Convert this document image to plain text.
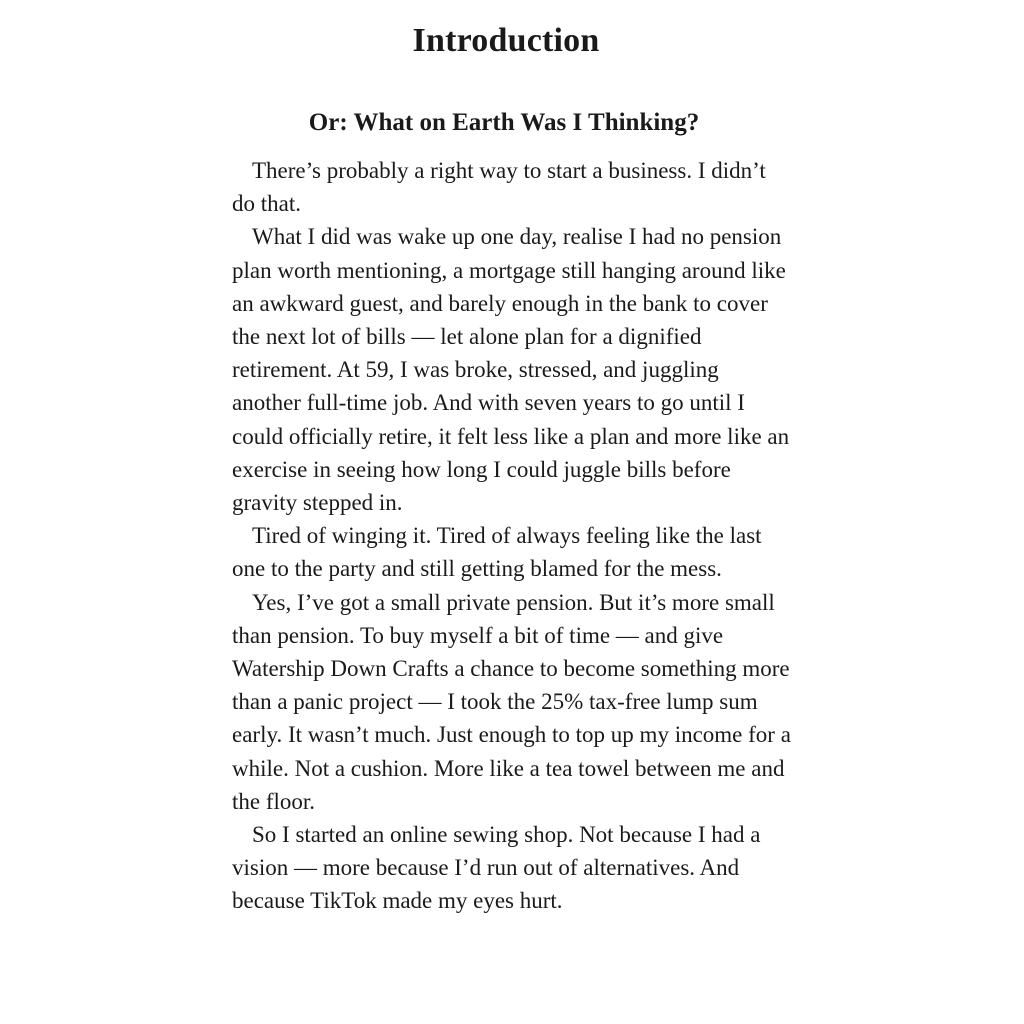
Introduction
Or: What on Earth Was I Thinking?

There’s probably a right way to start a business. I didn’t do that.

What I did was wake up one day, realise I had no pension plan worth mentioning, a mortgage still hanging around like an awkward guest, and barely enough in the bank to cover the next lot of bills — let alone plan for a dignified retirement. At 59, I was broke, stressed, and juggling another full-time job. And with seven years to go until I could officially retire, it felt less like a plan and more like an exercise in seeing how long I could juggle bills before gravity stepped in.

Tired of winging it. Tired of always feeling like the last one to the party and still getting blamed for the mess.

Yes, I’ve got a small private pension. But it’s more small than pension. To buy myself a bit of time — and give Watership Down Crafts a chance to become something more than a panic project — I took the 25% tax-free lump sum early. It wasn’t much. Just enough to top up my income for a while. Not a cushion. More like a tea towel between me and the floor.

So I started an online sewing shop. Not because I had a vision — more because I’d run out of alternatives. And because TikTok made my eyes hurt.
